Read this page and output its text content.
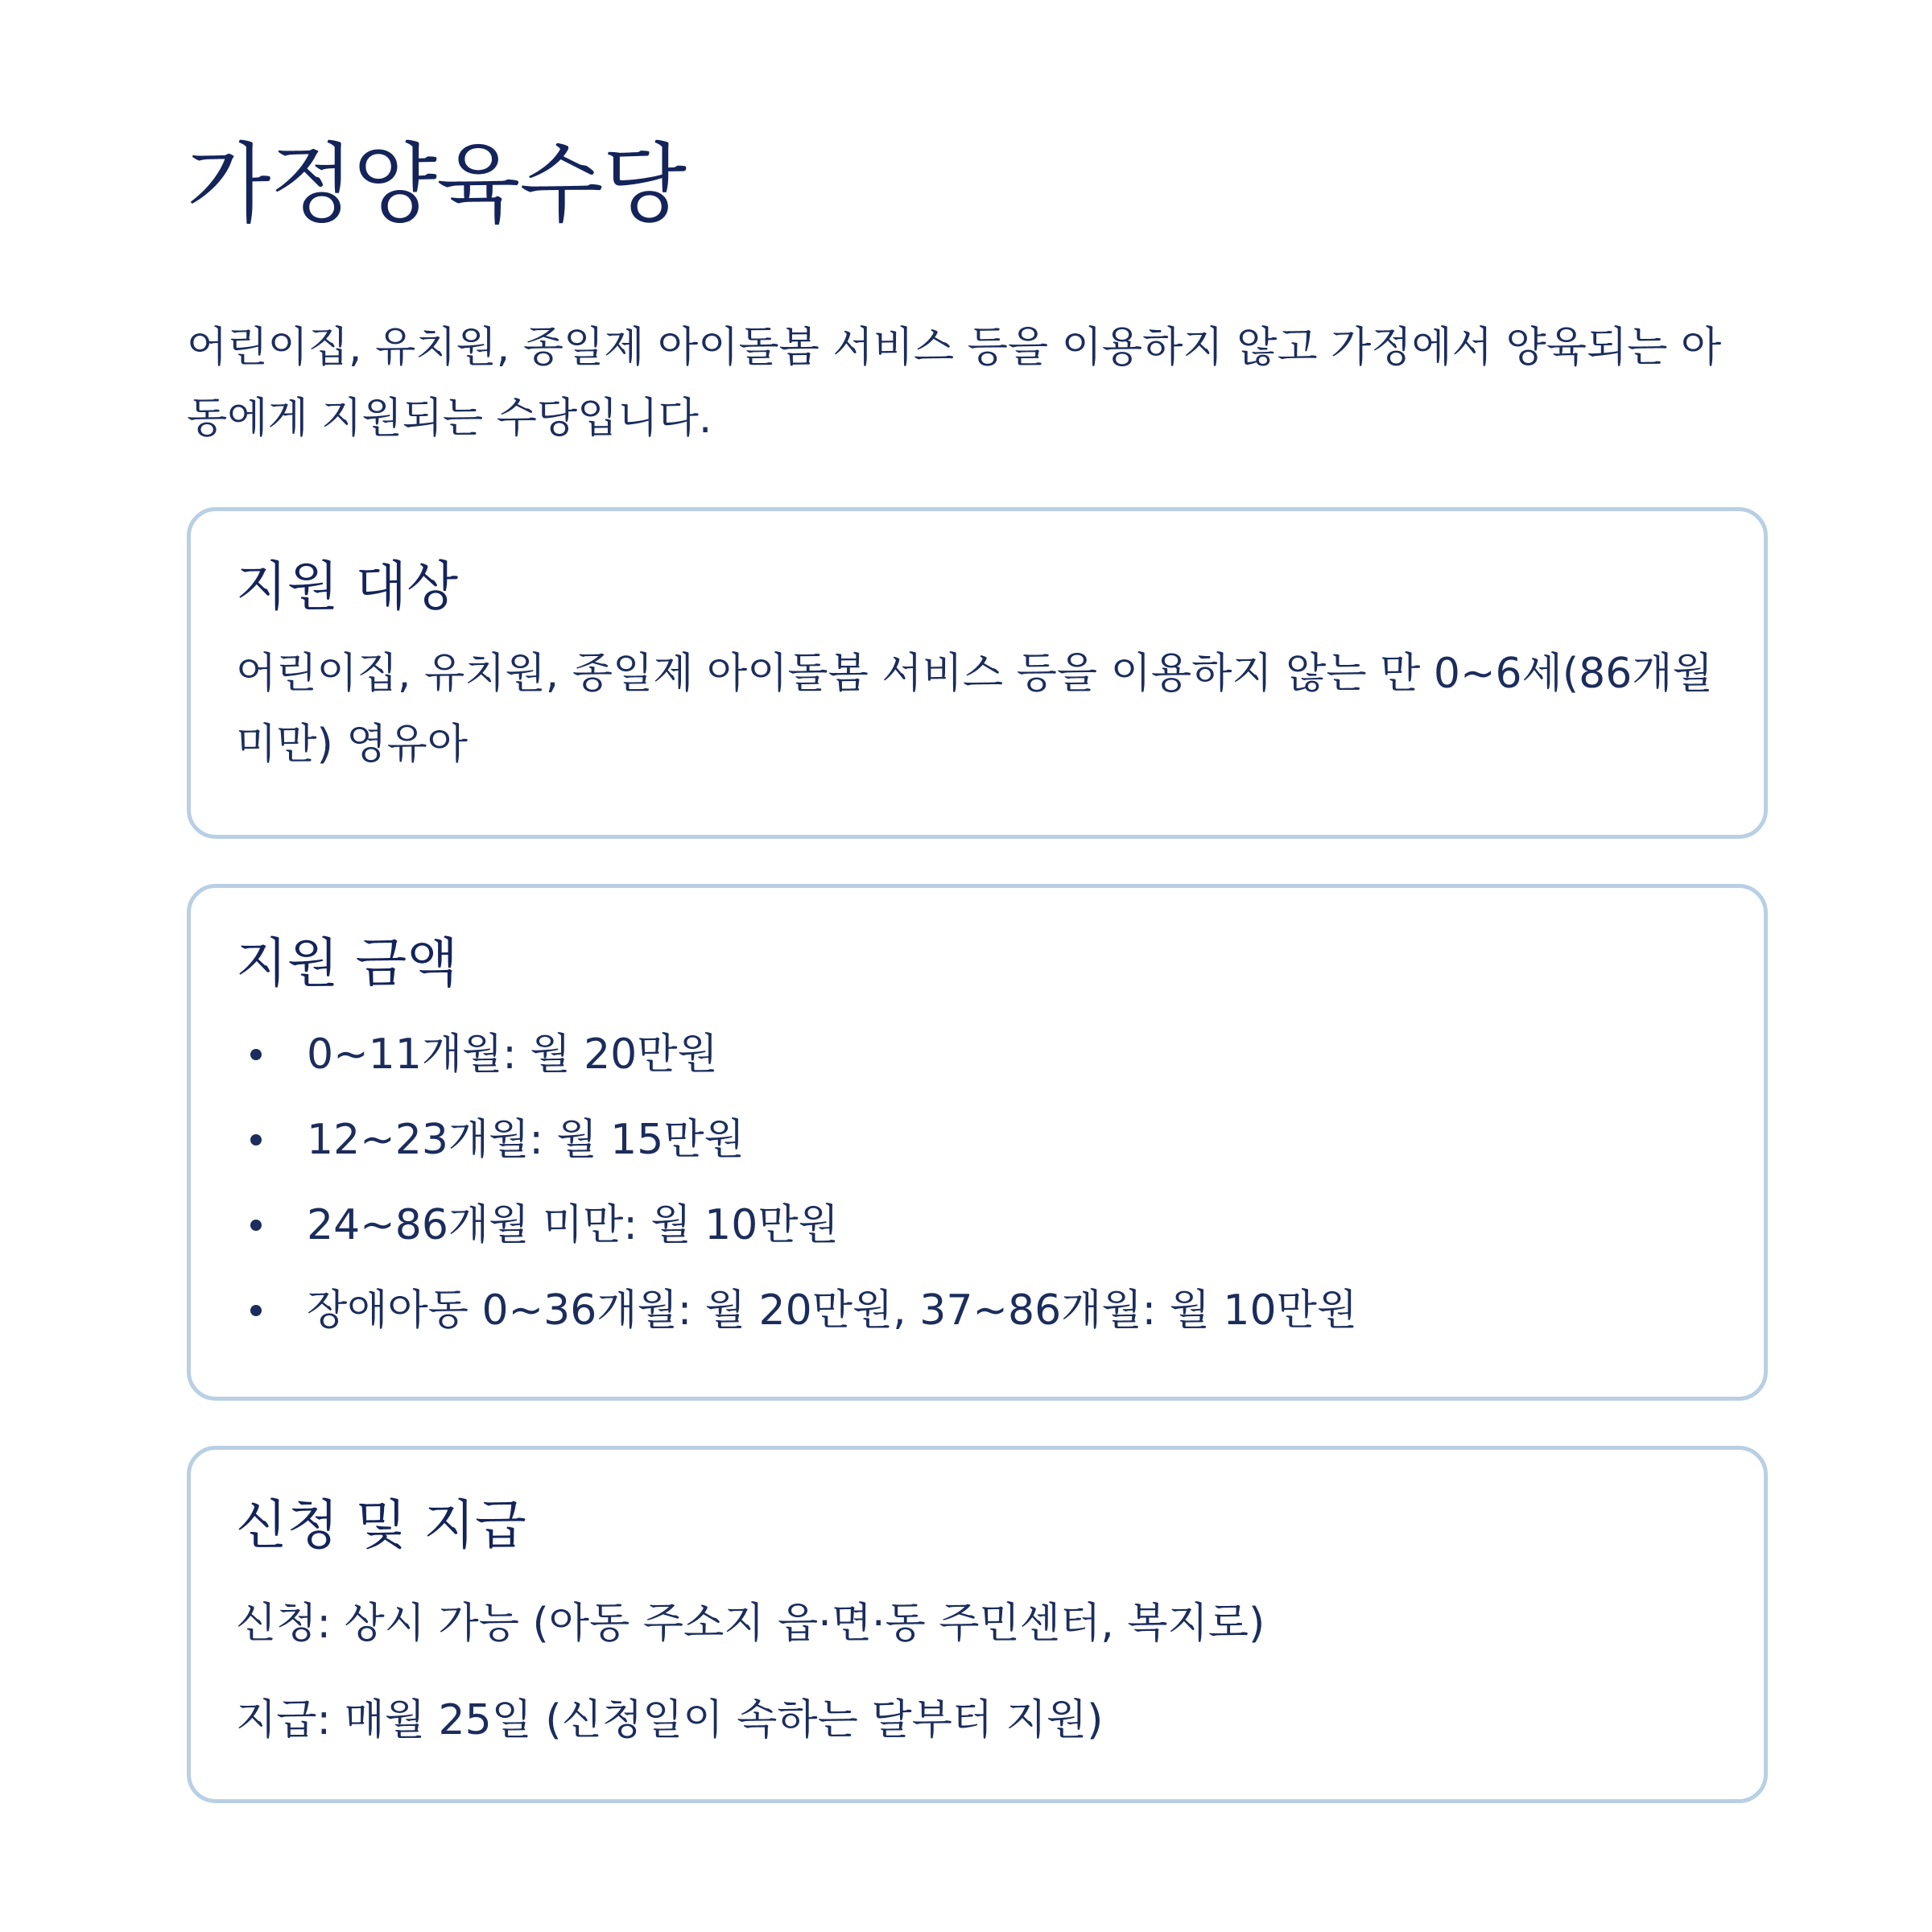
가정양육수당

어린이집, 유치원, 종일제 아이돌봄 서비스 등을 이용하지 않고 가정에서 양육되는 아동에게 지원되는 수당입니다.

지원 대상

어린이집, 유치원, 종일제 아이돌봄 서비스 등을 이용하지 않는 만 0~6세(86개월 미만) 영유아

지원 금액
0~11개월: 월 20만원
12~23개월: 월 15만원
24~86개월 미만: 월 10만원
장애아동 0~36개월: 월 20만원, 37~86개월: 월 10만원
신청 및 지급

신청: 상시 가능 (아동 주소지 읍·면·동 주민센터, 복지로)

지급: 매월 25일 (신청일이 속하는 달부터 지원)
